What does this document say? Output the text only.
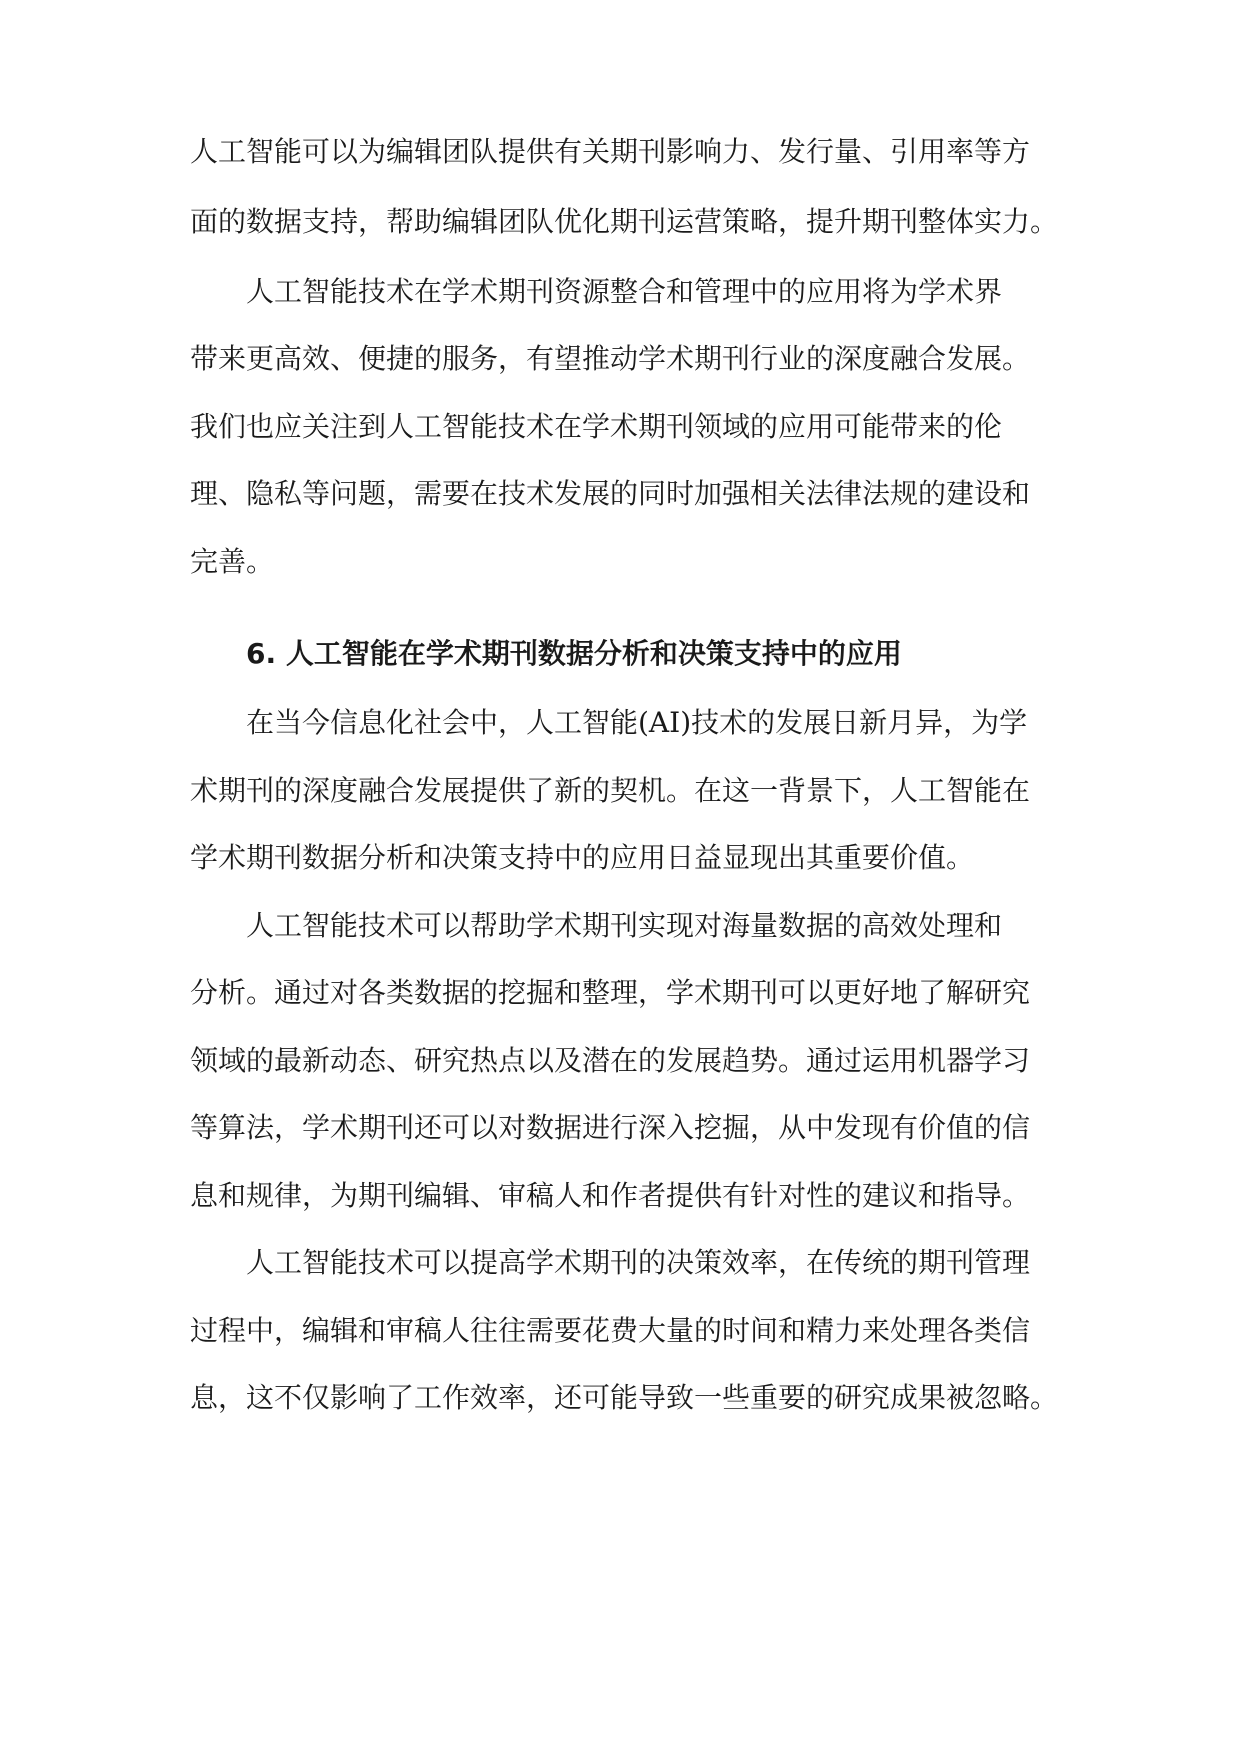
人工智能可以为编辑团队提供有关期刊影响力、发行量、引用率等方
面的数据支持，帮助编辑团队优化期刊运营策略，提升期刊整体实力。
人工智能技术在学术期刊资源整合和管理中的应用将为学术界
带来更高效、便捷的服务，有望推动学术期刊行业的深度融合发展。
我们也应关注到人工智能技术在学术期刊领域的应用可能带来的伦
理、隐私等问题，需要在技术发展的同时加强相关法律法规的建设和
完善。
6. 人工智能在学术期刊数据分析和决策支持中的应用
在当今信息化社会中，人工智能(AI)技术的发展日新月异，为学
术期刊的深度融合发展提供了新的契机。在这一背景下，人工智能在
学术期刊数据分析和决策支持中的应用日益显现出其重要价值。
人工智能技术可以帮助学术期刊实现对海量数据的高效处理和
分析。通过对各类数据的挖掘和整理，学术期刊可以更好地了解研究
领域的最新动态、研究热点以及潜在的发展趋势。通过运用机器学习
等算法，学术期刊还可以对数据进行深入挖掘，从中发现有价值的信
息和规律，为期刊编辑、审稿人和作者提供有针对性的建议和指导。
人工智能技术可以提高学术期刊的决策效率，在传统的期刊管理
过程中，编辑和审稿人往往需要花费大量的时间和精力来处理各类信
息，这不仅影响了工作效率，还可能导致一些重要的研究成果被忽略。
